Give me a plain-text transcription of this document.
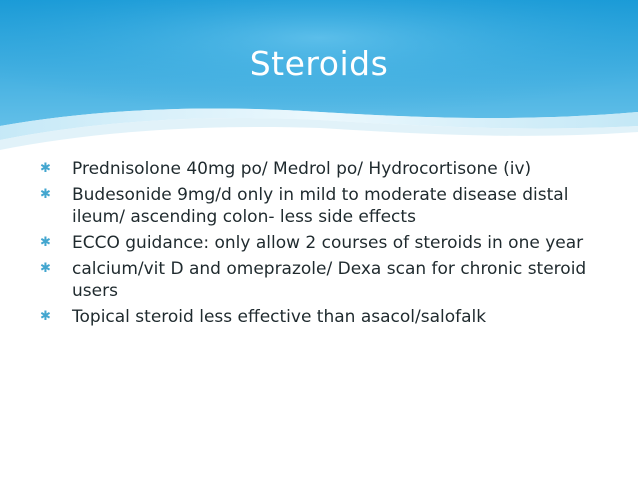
Steroids
✱ Prednisolone 40mg po/ Medrol po/ Hydrocortisone (iv)
✱ Budesonide 9mg/d only in mild to moderate disease distal ileum/ ascending colon- less side effects
✱ ECCO guidance: only allow 2 courses of steroids in one year
✱ calcium/vit D and omeprazole/ Dexa scan for chronic steroid users
✱ Topical steroid less effective than asacol/salofalk
